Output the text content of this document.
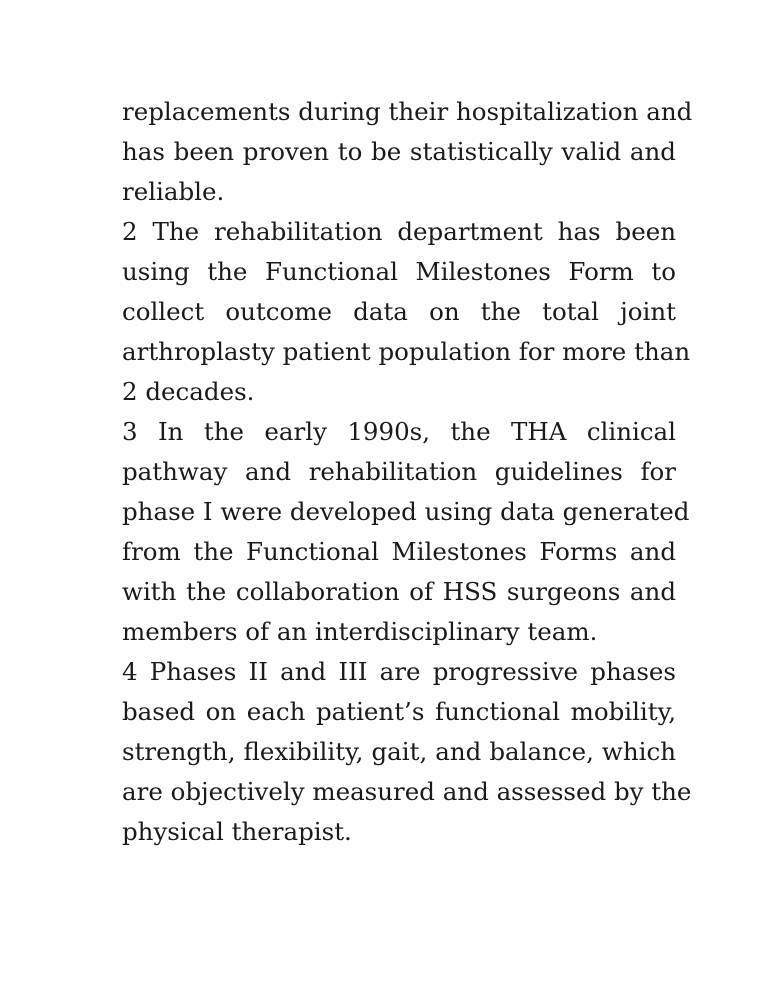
replacements during their hospitalization and
has been proven to be statistically valid and
reliable.
2 The rehabilitation department has been
using the Functional Milestones Form to
collect outcome data on the total joint
arthroplasty patient population for more than
2 decades.
3 In the early 1990s, the THA clinical
pathway and rehabilitation guidelines for
phase I were developed using data generated
from the Functional Milestones Forms and
with the collaboration of HSS surgeons and
members of an interdisciplinary team.
4 Phases II and III are progressive phases
based on each patient’s functional mobility,
strength, flexibility, gait, and balance, which
are objectively measured and assessed by the
physical therapist.
